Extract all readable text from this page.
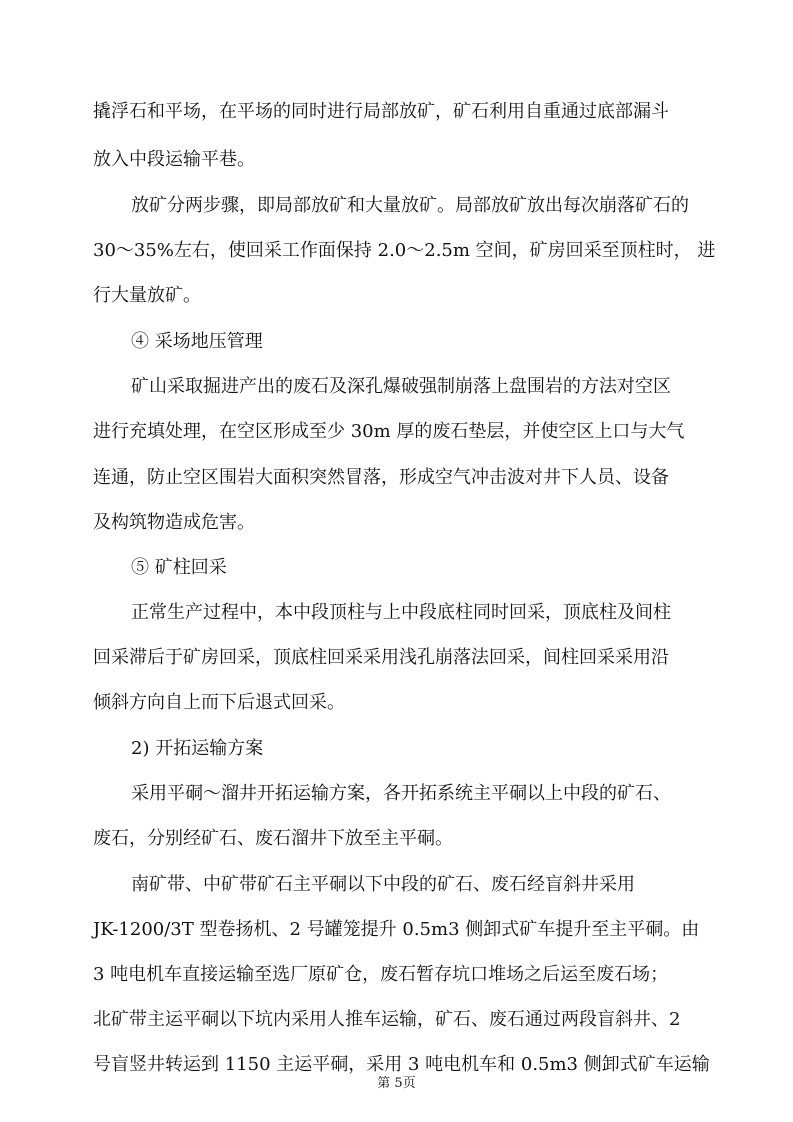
撬浮石和平场，在平场的同时进行局部放矿，矿石利用自重通过底部漏斗
放入中段运输平巷。
放矿分两步骤，即局部放矿和大量放矿。局部放矿放出每次崩落矿石的
30～35%左右，使回采工作面保持 2.0～2.5m 空间，矿房回采至顶柱时， 进
行大量放矿。
④ 采场地压管理
矿山采取掘进产出的废石及深孔爆破强制崩落上盘围岩的方法对空区
进行充填处理，在空区形成至少 30m 厚的废石垫层，并使空区上口与大气
连通，防止空区围岩大面积突然冒落，形成空气冲击波对井下人员、设备
及构筑物造成危害。
⑤ 矿柱回采
正常生产过程中，本中段顶柱与上中段底柱同时回采，顶底柱及间柱
回采滞后于矿房回采，顶底柱回采采用浅孔崩落法回采，间柱回采采用沿
倾斜方向自上而下后退式回采。
2) 开拓运输方案
采用平硐～溜井开拓运输方案，各开拓系统主平硐以上中段的矿石、
废石，分别经矿石、废石溜井下放至主平硐。
南矿带、中矿带矿石主平硐以下中段的矿石、废石经盲斜井采用
JK-1200/3T 型卷扬机、2 号罐笼提升 0.5m3 侧卸式矿车提升至主平硐。由
3 吨电机车直接运输至选厂原矿仓，废石暂存坑口堆场之后运至废石场；
北矿带主运平硐以下坑内采用人推车运输，矿石、废石通过两段盲斜井、2
号盲竖井转运到 1150 主运平硐，采用 3 吨电机车和 0.5m3 侧卸式矿车运输
第 5页
